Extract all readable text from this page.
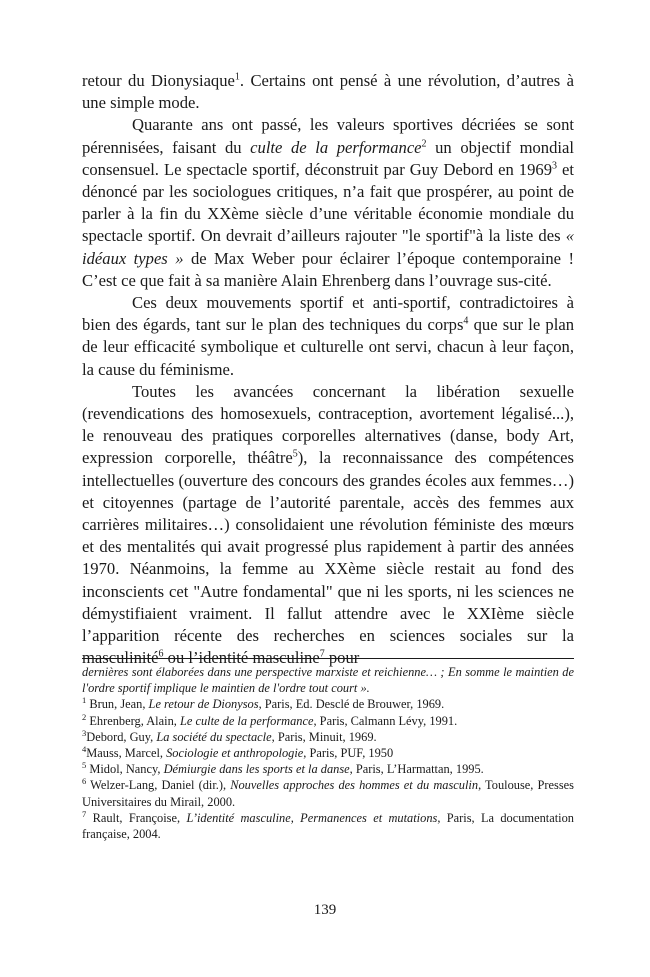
retour du Dionysiaque$^1$. Certains ont pensé à une révolution, d’autres à une simple mode.

Quarante ans ont passé, les valeurs sportives décriées se sont pérennisées, faisant du culte de la performance$^2$ un objectif mondial consensuel. Le spectacle sportif, déconstruit par Guy Debord en 1969$^3$ et dénoncé par les sociologues critiques, n’a fait que prospérer, au point de parler à la fin du XXème siècle d’une véritable économie mondiale du spectacle sportif. On devrait d’ailleurs rajouter "le sportif"à la liste des « idéaux types » de Max Weber pour éclairer l’époque contemporaine ! C’est ce que fait à sa manière Alain Ehrenberg dans l’ouvrage sus-cité.

Ces deux mouvements sportif et anti-sportif, contradictoires à bien des égards, tant sur le plan des techniques du corps$^4$ que sur le plan de leur efficacité symbolique et culturelle ont servi, chacun à leur façon, la cause du féminisme.

Toutes les avancées concernant la libération sexuelle (revendications des homosexuels, contraception, avortement légalisé...), le renouveau des pratiques corporelles alternatives (danse, body Art, expression corporelle, théâtre$^5$), la reconnaissance des compétences intellectuelles (ouverture des concours des grandes écoles aux femmes…) et citoyennes (partage de l’autorité parentale, accès des femmes aux carrières militaires…) consolidaient une révolution féministe des mœurs et des mentalités qui avait progressé plus rapidement à partir des années 1970. Néanmoins, la femme au XXème siècle restait au fond des inconscients cet "Autre fondamental" que ni les sports, ni les sciences ne démystifiaient vraiment. Il fallut attendre avec le XXIème siècle l’apparition récente des recherches en sciences sociales sur la masculinité$^6$ ou l’identité masculine$^7$ pour

dernières sont élaborées dans une perspective marxiste et reichienne… ; En somme le maintien de l'ordre sportif implique le maintien de l'ordre tout court ».

$^1$ Brun, Jean, Le retour de Dionysos, Paris, Ed. Desclé de Brouwer, 1969.

$^2$ Ehrenberg, Alain, Le culte de la performance, Paris, Calmann Lévy, 1991.

$^3$Debord, Guy, La société du spectacle, Paris, Minuit, 1969.

$^4$Mauss, Marcel, Sociologie et anthropologie, Paris, PUF, 1950

$^5$ Midol, Nancy, Démiurgie dans les sports et la danse, Paris, L’Harmattan, 1995.

$^6$ Welzer-Lang, Daniel (dir.), Nouvelles approches des hommes et du masculin, Toulouse, Presses Universitaires du Mirail, 2000.

$^7$ Rault, Françoise, L’identité masculine, Permanences et mutations, Paris, La documentation française, 2004.

139
